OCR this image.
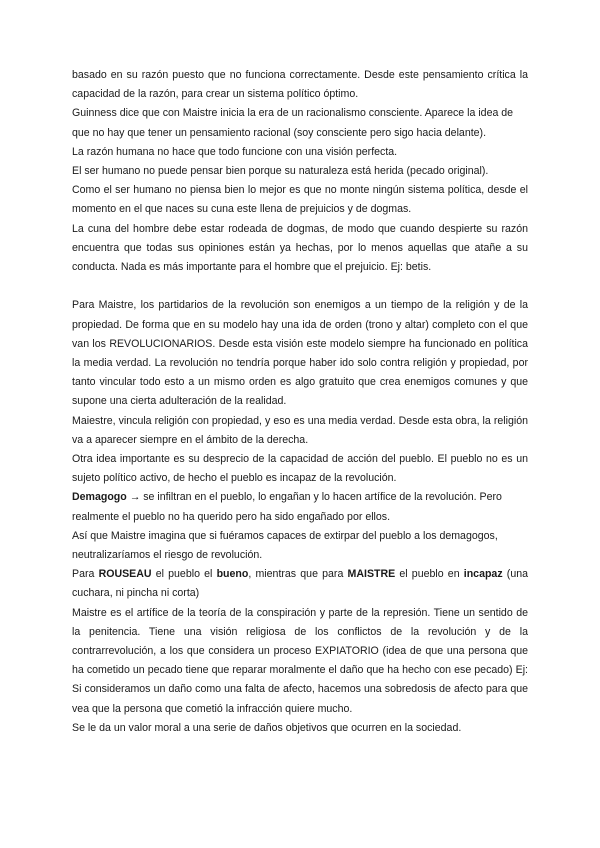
basado en su razón puesto que no funciona correctamente. Desde este pensamiento crítica la capacidad de la razón, para crear un sistema político óptimo.

Guinness dice que con Maistre inicia la era de un racionalismo consciente. Aparece la idea de que no hay que tener un pensamiento racional (soy consciente pero sigo hacia delante).

La razón humana no hace que todo funcione con una visión perfecta.

El ser humano no puede pensar bien porque su naturaleza está herida (pecado original).

Como el ser humano no piensa bien lo mejor es que no monte ningún sistema política, desde el momento en el que naces su cuna este llena de prejuicios y de dogmas.

La cuna del hombre debe estar rodeada de dogmas, de modo que cuando despierte su razón encuentra que todas sus opiniones están ya hechas, por lo menos aquellas que atañe a su conducta. Nada es más importante para el hombre que el prejuicio. Ej: betis.

Para Maistre, los partidarios de la revolución son enemigos a un tiempo de la religión y de la propiedad. De forma que en su modelo hay una ida de orden (trono y altar) completo con el que van los REVOLUCIONARIOS. Desde esta visión este modelo siempre ha funcionado en política la media verdad. La revolución no tendría porque haber ido solo contra religión y propiedad, por tanto vincular todo esto a un mismo orden es algo gratuito que crea enemigos comunes y que supone una cierta adulteración de la realidad.

Maiestre, vincula religión con propiedad, y eso es una media verdad. Desde esta obra, la religión va a aparecer siempre en el ámbito de la derecha.

Otra idea importante es su desprecio de la capacidad de acción del pueblo. El pueblo no es un sujeto político activo, de hecho el pueblo es incapaz de la revolución.

Demagogo → se infiltran en el pueblo, lo engañan y lo hacen artífice de la revolución. Pero realmente el pueblo no ha querido pero ha sido engañado por ellos.

Así que Maistre imagina que si fuéramos capaces de extirpar del pueblo a los demagogos, neutralizaríamos el riesgo de revolución.

Para ROUSEAU el pueblo el bueno, mientras que para MAISTRE el pueblo en incapaz (una cuchara, ni pincha ni corta)

Maistre es el artífice de la teoría de la conspiración y parte de la represión. Tiene un sentido de la penitencia. Tiene una visión religiosa de los conflictos de la revolución y de la contrarrevolución, a los que considera un proceso EXPIATORIO (idea de que una persona que ha cometido un pecado tiene que reparar moralmente el daño que ha hecho con ese pecado) Ej: Si consideramos un daño como una falta de afecto, hacemos una sobredosis de afecto para que vea que la persona que cometió la infracción quiere mucho.

Se le da un valor moral a una serie de daños objetivos que ocurren en la sociedad.
